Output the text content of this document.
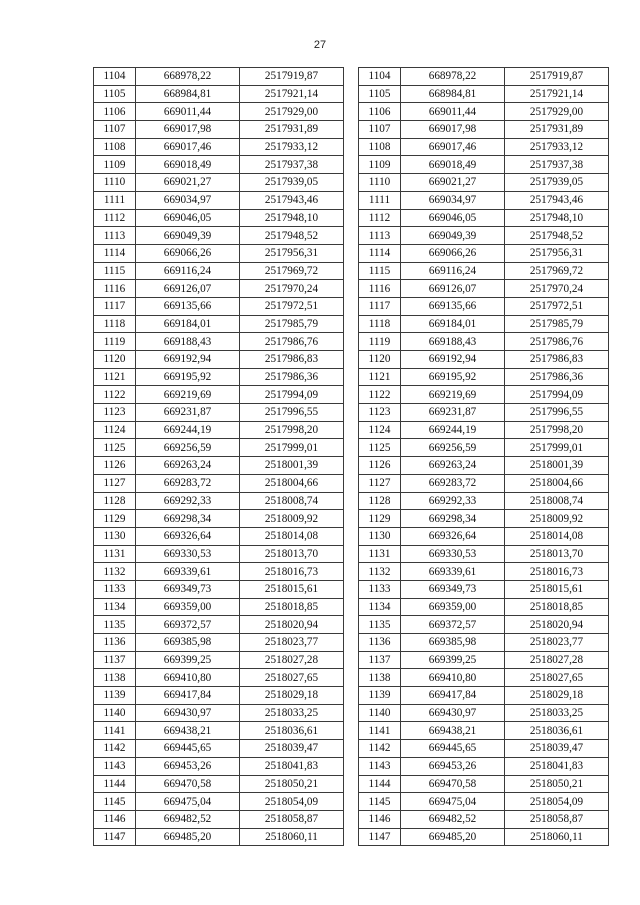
27
1104	668978,22	2517919,87
1105	668984,81	2517921,14
1106	669011,44	2517929,00
1107	669017,98	2517931,89
1108	669017,46	2517933,12
1109	669018,49	2517937,38
1110	669021,27	2517939,05
1111	669034,97	2517943,46
1112	669046,05	2517948,10
1113	669049,39	2517948,52
1114	669066,26	2517956,31
1115	669116,24	2517969,72
1116	669126,07	2517970,24
1117	669135,66	2517972,51
1118	669184,01	2517985,79
1119	669188,43	2517986,76
1120	669192,94	2517986,83
1121	669195,92	2517986,36
1122	669219,69	2517994,09
1123	669231,87	2517996,55
1124	669244,19	2517998,20
1125	669256,59	2517999,01
1126	669263,24	2518001,39
1127	669283,72	2518004,66
1128	669292,33	2518008,74
1129	669298,34	2518009,92
1130	669326,64	2518014,08
1131	669330,53	2518013,70
1132	669339,61	2518016,73
1133	669349,73	2518015,61
1134	669359,00	2518018,85
1135	669372,57	2518020,94
1136	669385,98	2518023,77
1137	669399,25	2518027,28
1138	669410,80	2518027,65
1139	669417,84	2518029,18
1140	669430,97	2518033,25
1141	669438,21	2518036,61
1142	669445,65	2518039,47
1143	669453,26	2518041,83
1144	669470,58	2518050,21
1145	669475,04	2518054,09
1146	669482,52	2518058,87
1147	669485,20	2518060,11
1104	668978,22	2517919,87
1105	668984,81	2517921,14
1106	669011,44	2517929,00
1107	669017,98	2517931,89
1108	669017,46	2517933,12
1109	669018,49	2517937,38
1110	669021,27	2517939,05
1111	669034,97	2517943,46
1112	669046,05	2517948,10
1113	669049,39	2517948,52
1114	669066,26	2517956,31
1115	669116,24	2517969,72
1116	669126,07	2517970,24
1117	669135,66	2517972,51
1118	669184,01	2517985,79
1119	669188,43	2517986,76
1120	669192,94	2517986,83
1121	669195,92	2517986,36
1122	669219,69	2517994,09
1123	669231,87	2517996,55
1124	669244,19	2517998,20
1125	669256,59	2517999,01
1126	669263,24	2518001,39
1127	669283,72	2518004,66
1128	669292,33	2518008,74
1129	669298,34	2518009,92
1130	669326,64	2518014,08
1131	669330,53	2518013,70
1132	669339,61	2518016,73
1133	669349,73	2518015,61
1134	669359,00	2518018,85
1135	669372,57	2518020,94
1136	669385,98	2518023,77
1137	669399,25	2518027,28
1138	669410,80	2518027,65
1139	669417,84	2518029,18
1140	669430,97	2518033,25
1141	669438,21	2518036,61
1142	669445,65	2518039,47
1143	669453,26	2518041,83
1144	669470,58	2518050,21
1145	669475,04	2518054,09
1146	669482,52	2518058,87
1147	669485,20	2518060,11
